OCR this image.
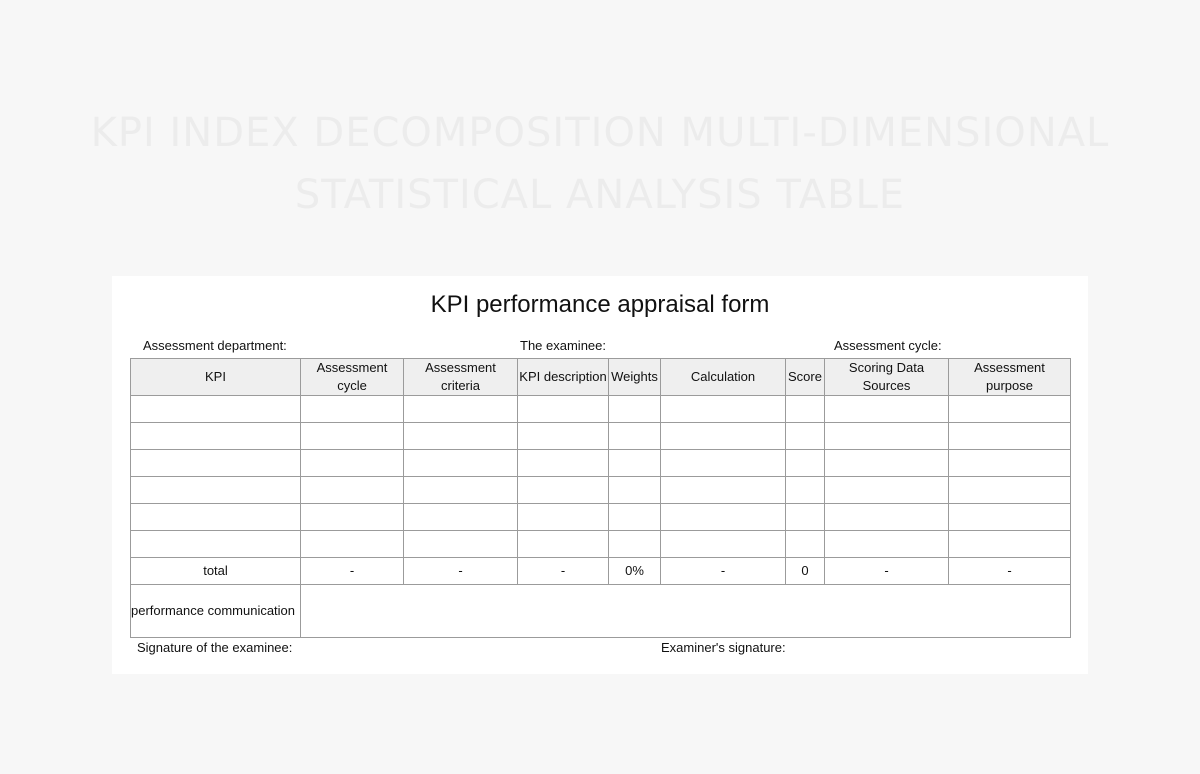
KPI INDEX DECOMPOSITION MULTI-DIMENSIONAL
STATISTICAL ANALYSIS TABLE
KPI performance appraisal form
Assessment department:	The examinee:	Assessment cycle:
KPI	Assessment cycle	Assessment criteria	KPI description	Weights	Calculation	Score	Scoring Data Sources	Assessment purpose

total	-	-	-	0%	-	0	-	-
performance communication								
Signature of the examinee:	Examiner's signature:
